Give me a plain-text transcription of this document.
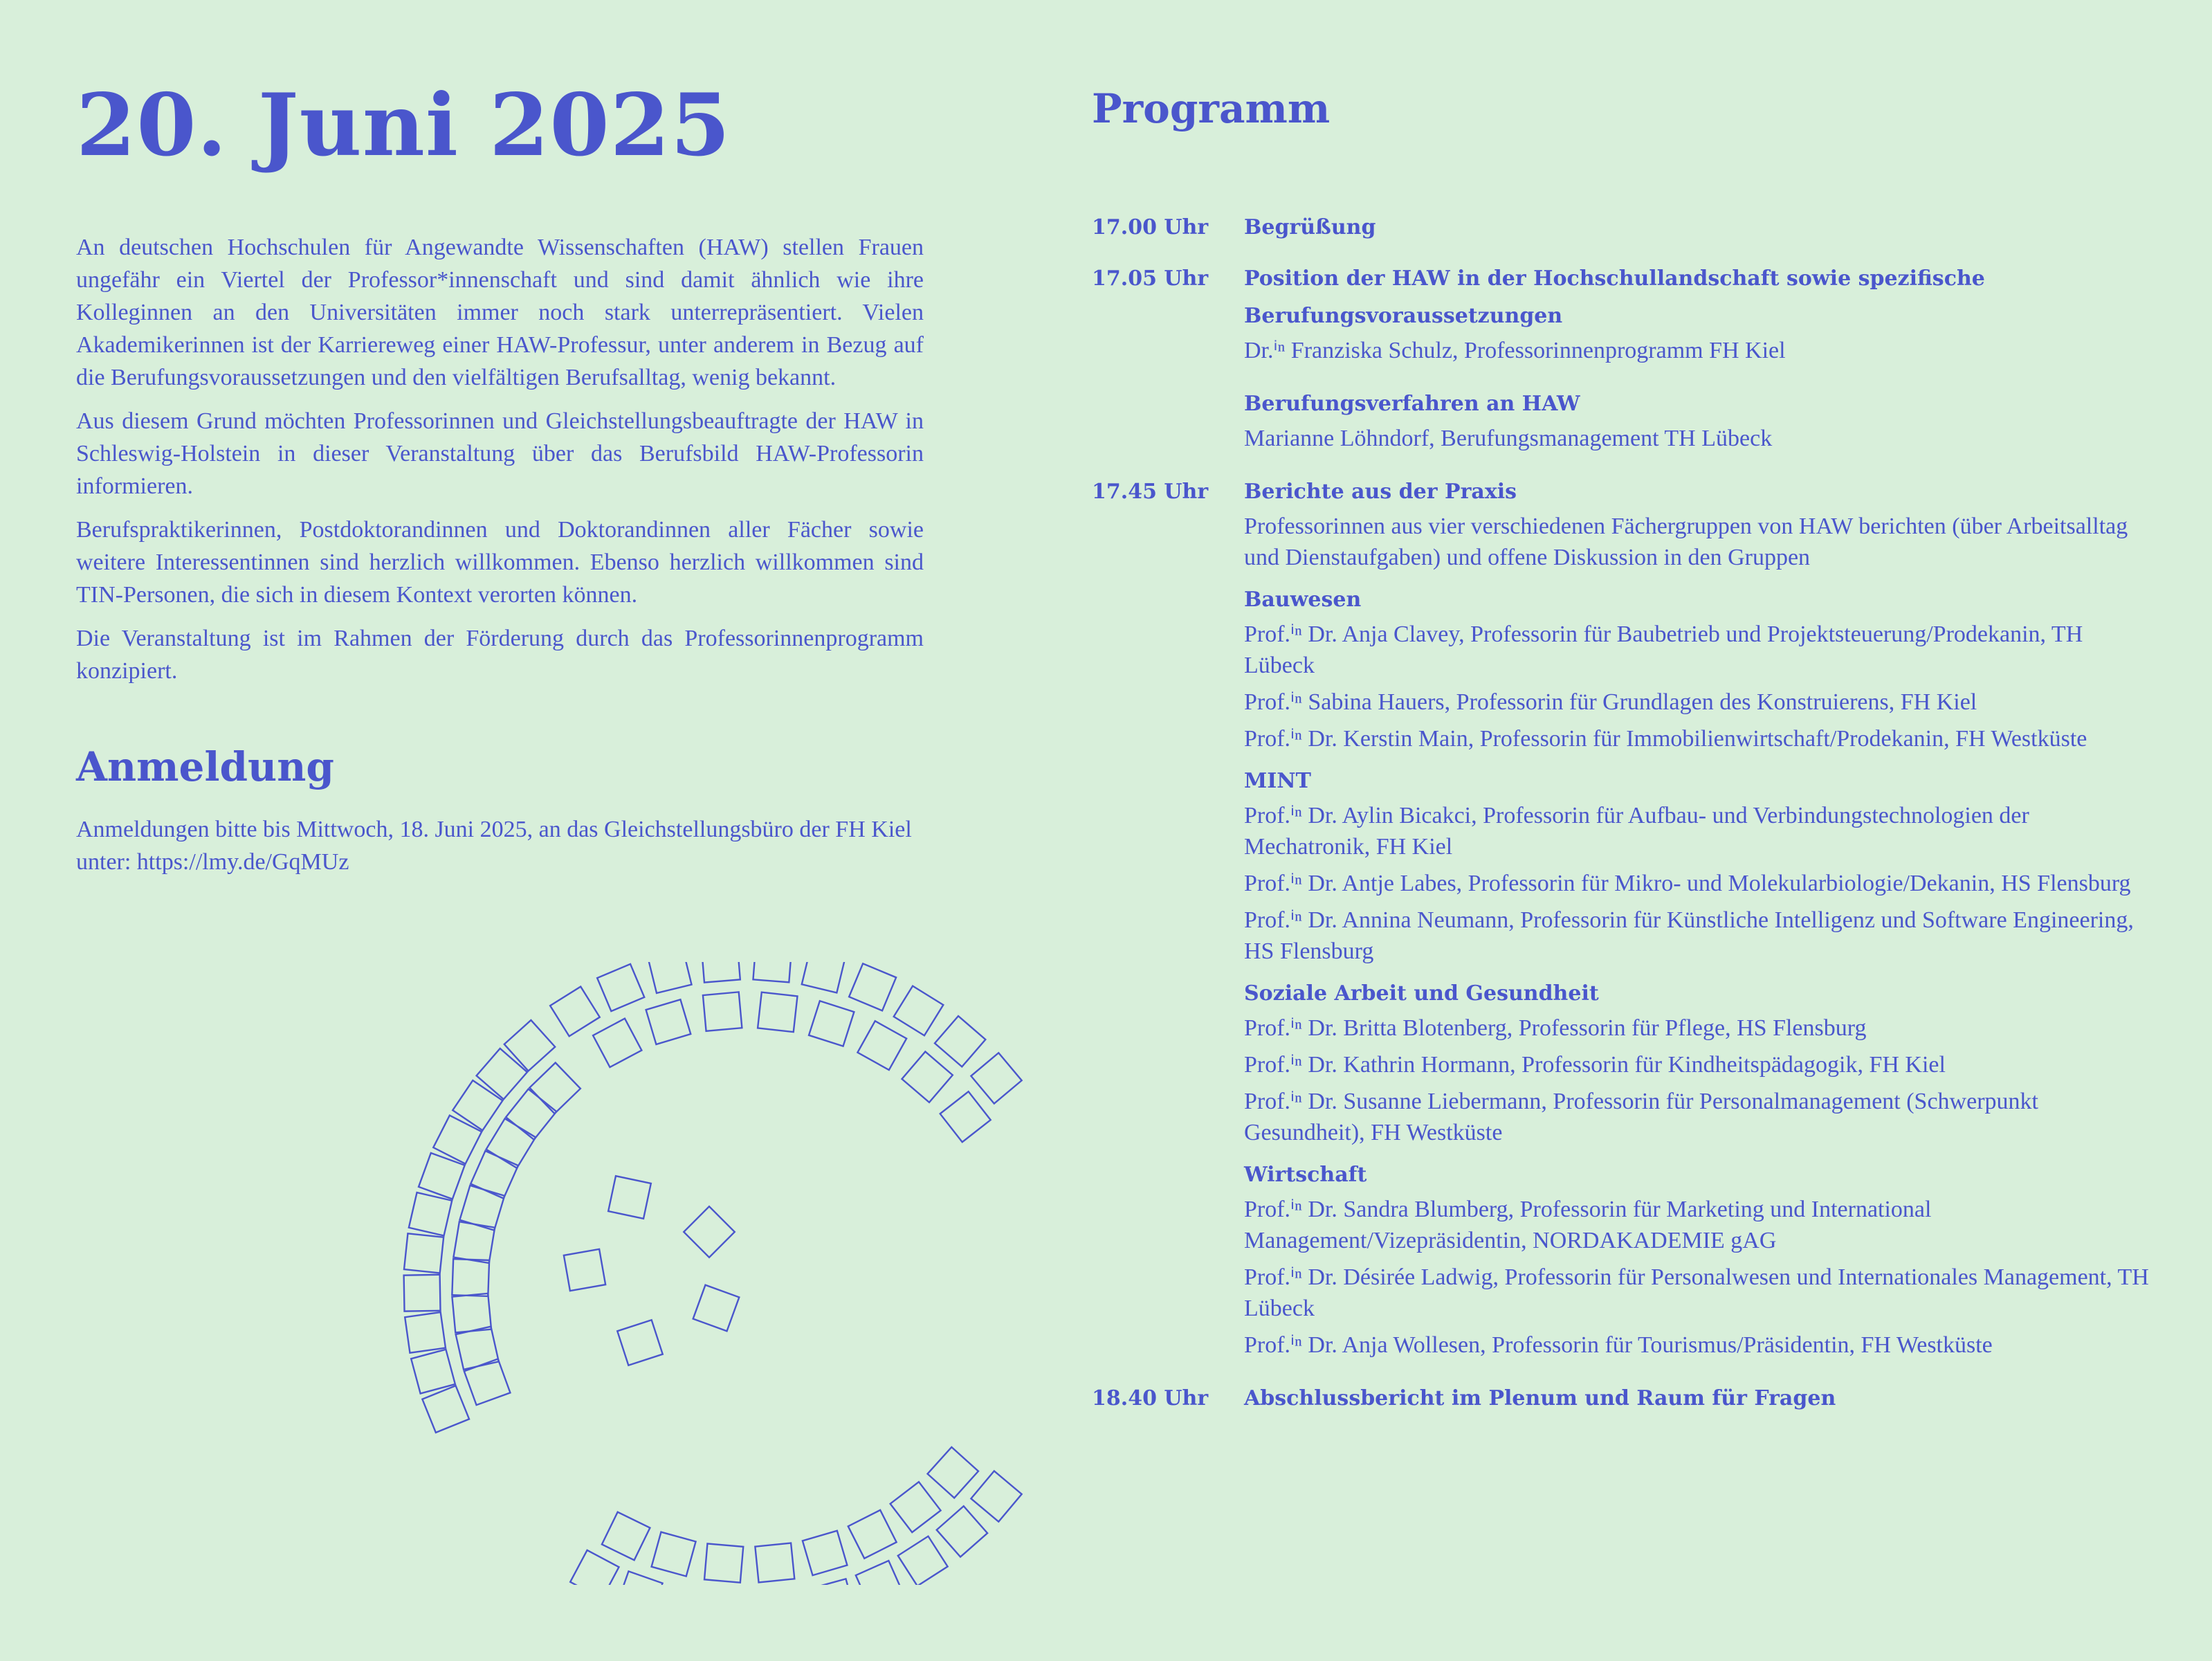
20. Juni 2025

An deutschen Hochschulen für Angewandte Wissenschaften (HAW) stellen Frauen ungefähr ein Viertel der Professor*innenschaft und sind damit ähnlich wie ihre Kolleginnen an den Universitäten immer noch stark unterrepräsentiert. Vielen Akademikerinnen ist der Karriereweg einer HAW-Professur, unter anderem in Bezug auf die Berufungsvoraussetzungen und den vielfältigen Berufsalltag, wenig bekannt.

Aus diesem Grund möchten Professorinnen und Gleichstellungsbeauftragte der HAW in Schleswig-Holstein in dieser Veranstaltung über das Berufsbild HAW-Professorin informieren.

Berufspraktikerinnen, Postdoktorandinnen und Doktorandinnen aller Fächer sowie weitere Interessentinnen sind herzlich willkommen. Ebenso herzlich willkommen sind TIN-Personen, die sich in diesem Kontext verorten können.

Die Veranstaltung ist im Rahmen der Förderung durch das Professorinnenprogramm konzipiert.

Anmeldung

Anmeldungen bitte bis Mittwoch, 18. Juni 2025, an das Gleichstellungsbüro der FH Kiel unter: https://lmy.de/GqMUz

Programm
17.00 Uhr	Begrüßung
17.05 Uhr	Position der HAW in der Hochschullandschaft sowie spezifische Berufungsvoraussetzungen
Dr.ⁱⁿ Franziska Schulz, Professorinnenprogramm FH Kiel
Berufungsverfahren an HAW
Marianne Löhndorf, Berufungsmanagement TH Lübeck
17.45 Uhr	Berichte aus der Praxis
Professorinnen aus vier verschiedenen Fächergruppen von HAW berichten (über Arbeitsalltag und Dienstaufgaben) und offene Diskussion in den Gruppen
Bauwesen
Prof.ⁱⁿ Dr. Anja Clavey, Professorin für Baubetrieb und Projektsteuerung/Prodekanin, TH Lübeck
Prof.ⁱⁿ Sabina Hauers, Professorin für Grundlagen des Konstruierens, FH Kiel
Prof.ⁱⁿ Dr. Kerstin Main, Professorin für Immobilienwirtschaft/Prodekanin, FH Westküste
MINT
Prof.ⁱⁿ Dr. Aylin Bicakci, Professorin für Aufbau- und Verbindungstechnologien der Mechatronik, FH Kiel
Prof.ⁱⁿ Dr. Antje Labes, Professorin für Mikro- und Molekularbiologie/Dekanin, HS Flensburg
Prof.ⁱⁿ Dr. Annina Neumann, Professorin für Künstliche Intelligenz und Software Engineering, HS Flensburg
Soziale Arbeit und Gesundheit
Prof.ⁱⁿ Dr. Britta Blotenberg, Professorin für Pflege, HS Flensburg
Prof.ⁱⁿ Dr. Kathrin Hormann, Professorin für Kindheitspädagogik, FH Kiel
Prof.ⁱⁿ Dr. Susanne Liebermann, Professorin für Personalmanagement (Schwerpunkt Gesundheit), FH Westküste
Wirtschaft
Prof.ⁱⁿ Dr. Sandra Blumberg, Professorin für Marketing und International Management/Vizepräsidentin, NORDAKADEMIE gAG
Prof.ⁱⁿ Dr. Désirée Ladwig, Professorin für Personalwesen und Internationales Management, TH Lübeck
Prof.ⁱⁿ Dr. Anja Wollesen, Professorin für Tourismus/Präsidentin, FH Westküste
18.40 Uhr	Abschlussbericht im Plenum und Raum für Fragen
